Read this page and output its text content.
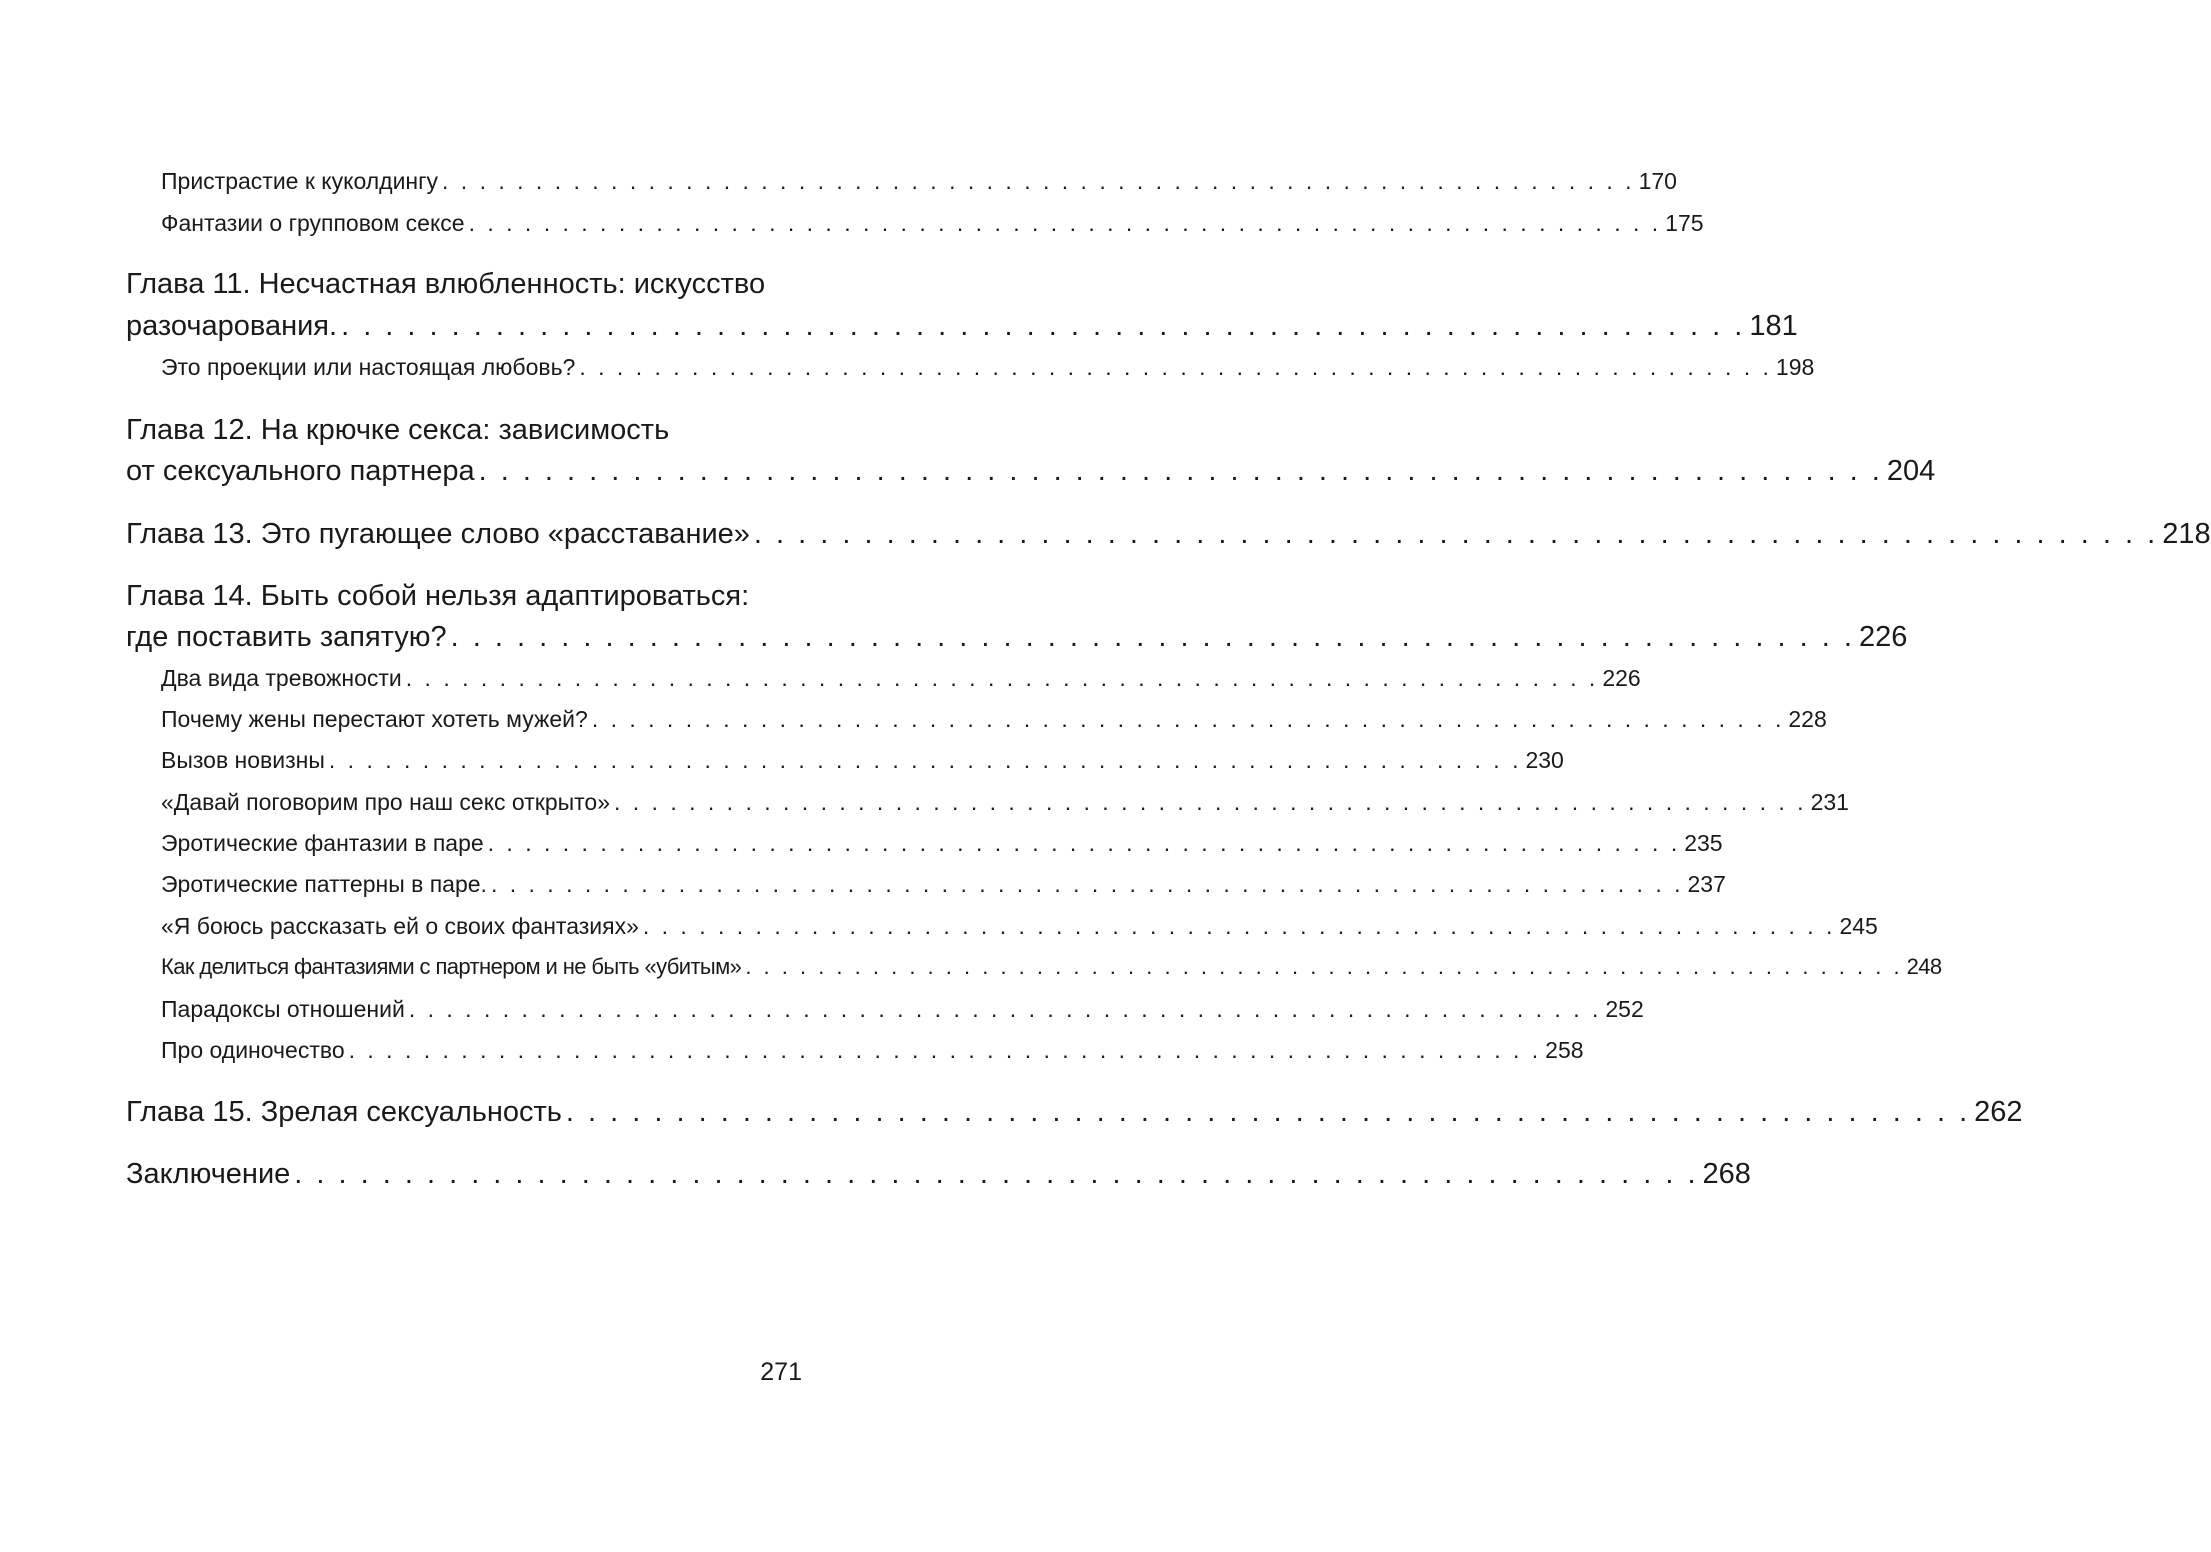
Пристрастие к куколдингу . . .	170
Фантазии о групповом сексе . . .	175
Глава 11. Несчастная влюбленность: искусство
разочарования. . . .	181
Это проекции или настоящая любовь? . . .	198
Глава 12. На крючке секса: зависимость
от сексуального партнера . . .	204
Глава 13. Это пугающее слово «расставание» . . .	218
Глава 14. Быть собой нельзя адаптироваться:
где поставить запятую? . . .	226
Два вида тревожности . . .	226
Почему жены перестают хотеть мужей? . . .	228
Вызов новизны . . .	230
«Давай поговорим про наш секс открыто» . . .	231
Эротические фантазии в паре . . .	235
Эротические паттерны в паре. . . .	237
«Я боюсь рассказать ей о своих фантазиях» . . .	245
Как делиться фантазиями с партнером и не быть «убитым» . . .	248
Парадоксы отношений . . .	252
Про одиночество . . .	258
Глава 15. Зрелая сексуальность . . .	262
Заключение . . .	268
271
